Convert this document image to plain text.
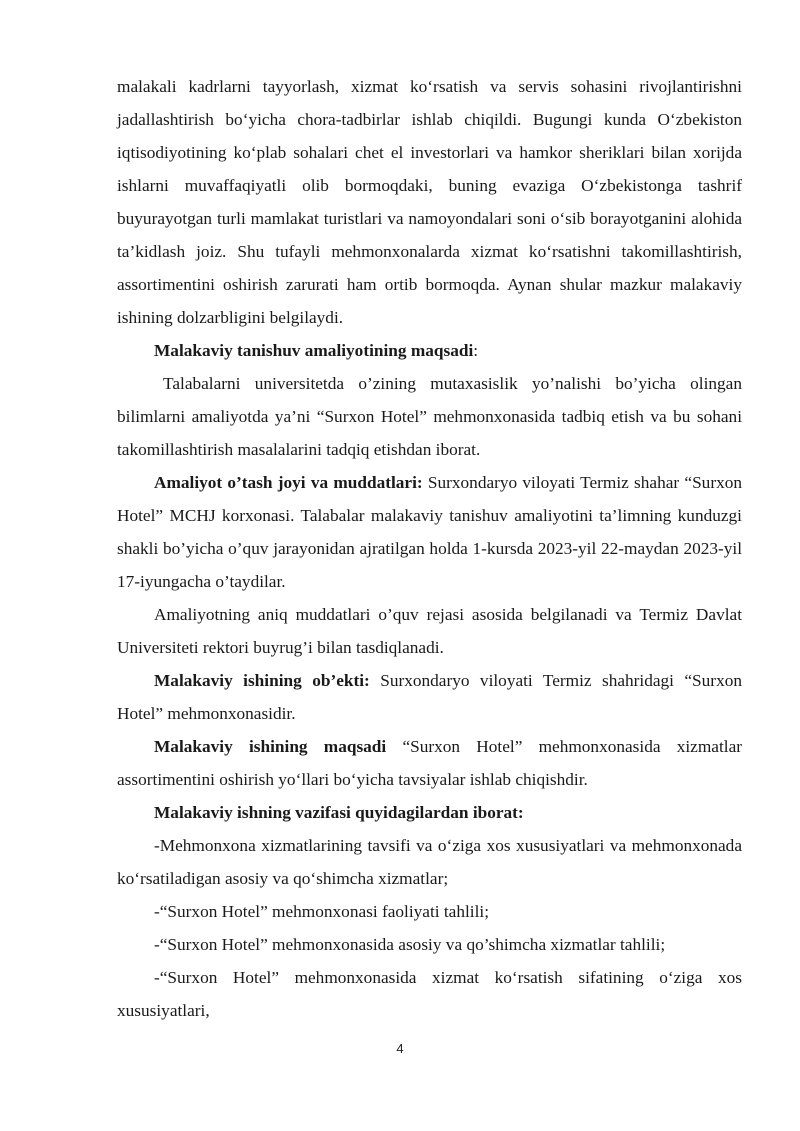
malakali kadrlarni tayyorlash, xizmat ko‘rsatish va servis sohasini rivojlantirishni jadallashtirish bo‘yicha chora-tadbirlar ishlab chiqildi. Bugungi kunda O‘zbekiston iqtisodiyotining ko‘plab sohalari chet el investorlari va hamkor sheriklari bilan xorijda ishlarni muvaffaqiyatli olib bormoqdaki, buning evaziga O‘zbekistonga tashrif buyurayotgan turli mamlakat turistlari va namoyondalari soni o‘sib borayotganini alohida ta’kidlash joiz. Shu tufayli mehmonxonalarda xizmat ko‘rsatishni takomillashtirish, assortimentini oshirish zarurati ham ortib bormoqda. Aynan shular mazkur malakaviy ishining dolzarbligini belgilaydi.

Malakaviy tanishuv amaliyotining maqsadi:

Talabalarni universitetda o’zining mutaxasislik yo’nalishi bo’yicha olingan bilimlarni amaliyotda ya’ni “Surxon Hotel” mehmonxonasida tadbiq etish va bu sohani takomillashtirish masalalarini tadqiq etishdan iborat.

Amaliyot o’tash joyi va muddatlari: Surxondaryo viloyati Termiz shahar “Surxon Hotel” MCHJ korxonasi. Talabalar malakaviy tanishuv amaliyotini ta’limning kunduzgi shakli bo’yicha o’quv jarayonidan ajratilgan holda 1-kursda 2023-yil 22-maydan 2023-yil 17-iyungacha o’taydilar.

Amaliyotning aniq muddatlari o’quv rejasi asosida belgilanadi va Termiz Davlat Universiteti rektori buyrug’i bilan tasdiqlanadi.

Malakaviy ishining ob’ekti: Surxondaryo viloyati Termiz shahridagi “Surxon Hotel” mehmonxonasidir.

Malakaviy ishining maqsadi “Surxon Hotel” mehmonxonasida xizmatlar assortimentini oshirish yo‘llari bo‘yicha tavsiyalar ishlab chiqishdir.

Malakaviy ishning vazifasi quyidagilardan iborat:

-Mehmonxona xizmatlarining tavsifi va o‘ziga xos xususiyatlari va mehmonxonada ko‘rsatiladigan asosiy va qo‘shimcha xizmatlar;

-“Surxon Hotel” mehmonxonasi faoliyati tahlili;

-“Surxon Hotel” mehmonxonasida asosiy va qo’shimcha xizmatlar tahlili;

-“Surxon Hotel” mehmonxonasida xizmat ko‘rsatish sifatining o‘ziga xos xususiyatlari,

4
